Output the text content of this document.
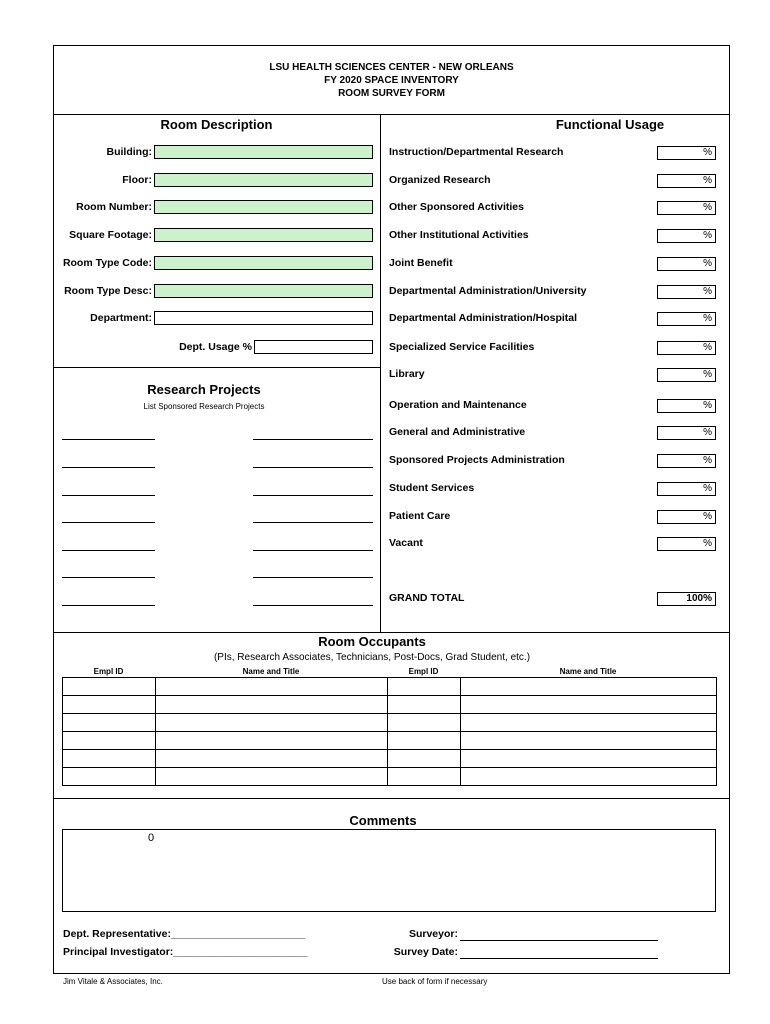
LSU HEALTH SCIENCES CENTER - NEW ORLEANS
FY 2020 SPACE INVENTORY
ROOM SURVEY FORM
Room Description
Building:
Floor:
Room Number:
Square Footage:
Room Type Code:
Room Type Desc:
Department:
Dept. Usage %
Research Projects
List Sponsored Research Projects
Functional Usage
Instruction/Departmental Research	%
Organized Research	%
Other Sponsored Activities	%
Other Institutional Activities	%
Joint Benefit	%
Departmental Administration/University	%
Departmental Administration/Hospital	%
Specialized Service Facilities	%
Library	%
Operation and Maintenance	%
General and Administrative	%
Sponsored Projects Administration	%
Student Services	%
Patient Care	%
Vacant	%
GRAND TOTAL	100%
Room Occupants
(PIs, Research Associates, Technicians, Post-Docs, Grad Student, etc.)
Empl ID	Name and Title	Empl ID	Name and Title
Comments
0
Dept. Representative:_______________________
Principal Investigator:_______________________
Surveyor:
Survey Date:
Jim Vitale & Associates, Inc.	Use back of form if necessary
